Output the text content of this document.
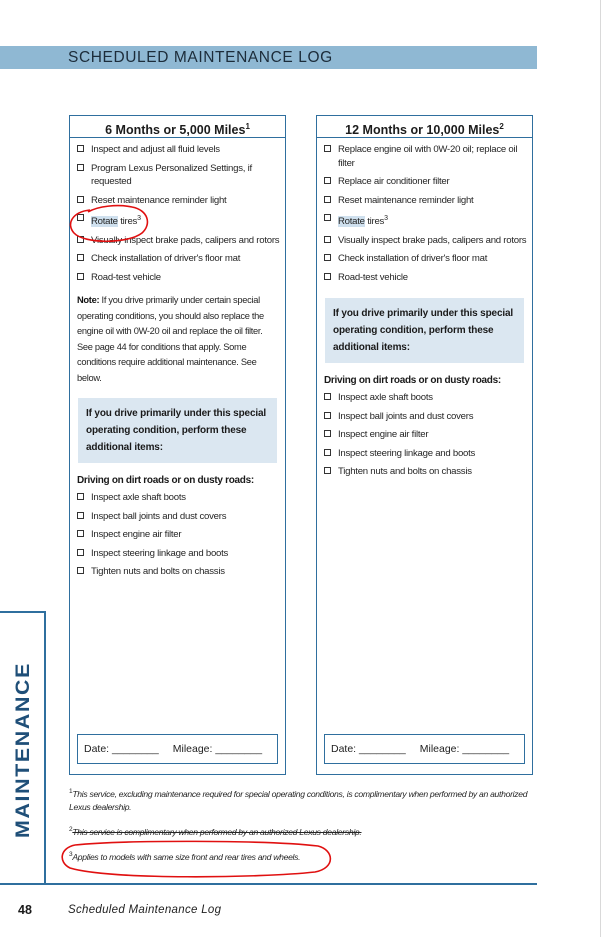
SCHEDULED MAINTENANCE LOG
6 Months or 5,000 Miles$^1$
Inspect and adjust all fluid levels
Program Lexus Personalized Settings, if requested
Reset maintenance reminder light
Rotate tires$^3$
Visually inspect brake pads, calipers and rotors
Check installation of driver's floor mat
Road-test vehicle
Note: If you drive primarily under certain special operating conditions, you should also replace the engine oil with 0W-20 oil and replace the oil filter. See page 44 for conditions that apply. Some conditions require additional maintenance. See below.
If you drive primarily under this special operating condition, perform these additional items:
Driving on dirt roads or on dusty roads:
Inspect axle shaft boots
Inspect ball joints and dust covers
Inspect engine air filter
Inspect steering linkage and boots
Tighten nuts and bolts on chassis
Date: ________ Mileage: ________
12 Months or 10,000 Miles$^2$
Replace engine oil with 0W-20 oil; replace oil filter
Replace air conditioner filter
Reset maintenance reminder light
Rotate tires$^3$
Visually inspect brake pads, calipers and rotors
Check installation of driver's floor mat
Road-test vehicle
If you drive primarily under this special operating condition, perform these additional items:
Driving on dirt roads or on dusty roads:
Inspect axle shaft boots
Inspect ball joints and dust covers
Inspect engine air filter
Inspect steering linkage and boots
Tighten nuts and bolts on chassis
Date: ________ Mileage: ________

$^1$This service, excluding maintenance required for special operating conditions, is complimentary when performed by an authorized Lexus dealership.

$^2$This service is complimentary when performed by an authorized Lexus dealership.

$^3$Applies to models with same size front and rear tires and wheels.

MAINTENANCE
48	Scheduled Maintenance Log
